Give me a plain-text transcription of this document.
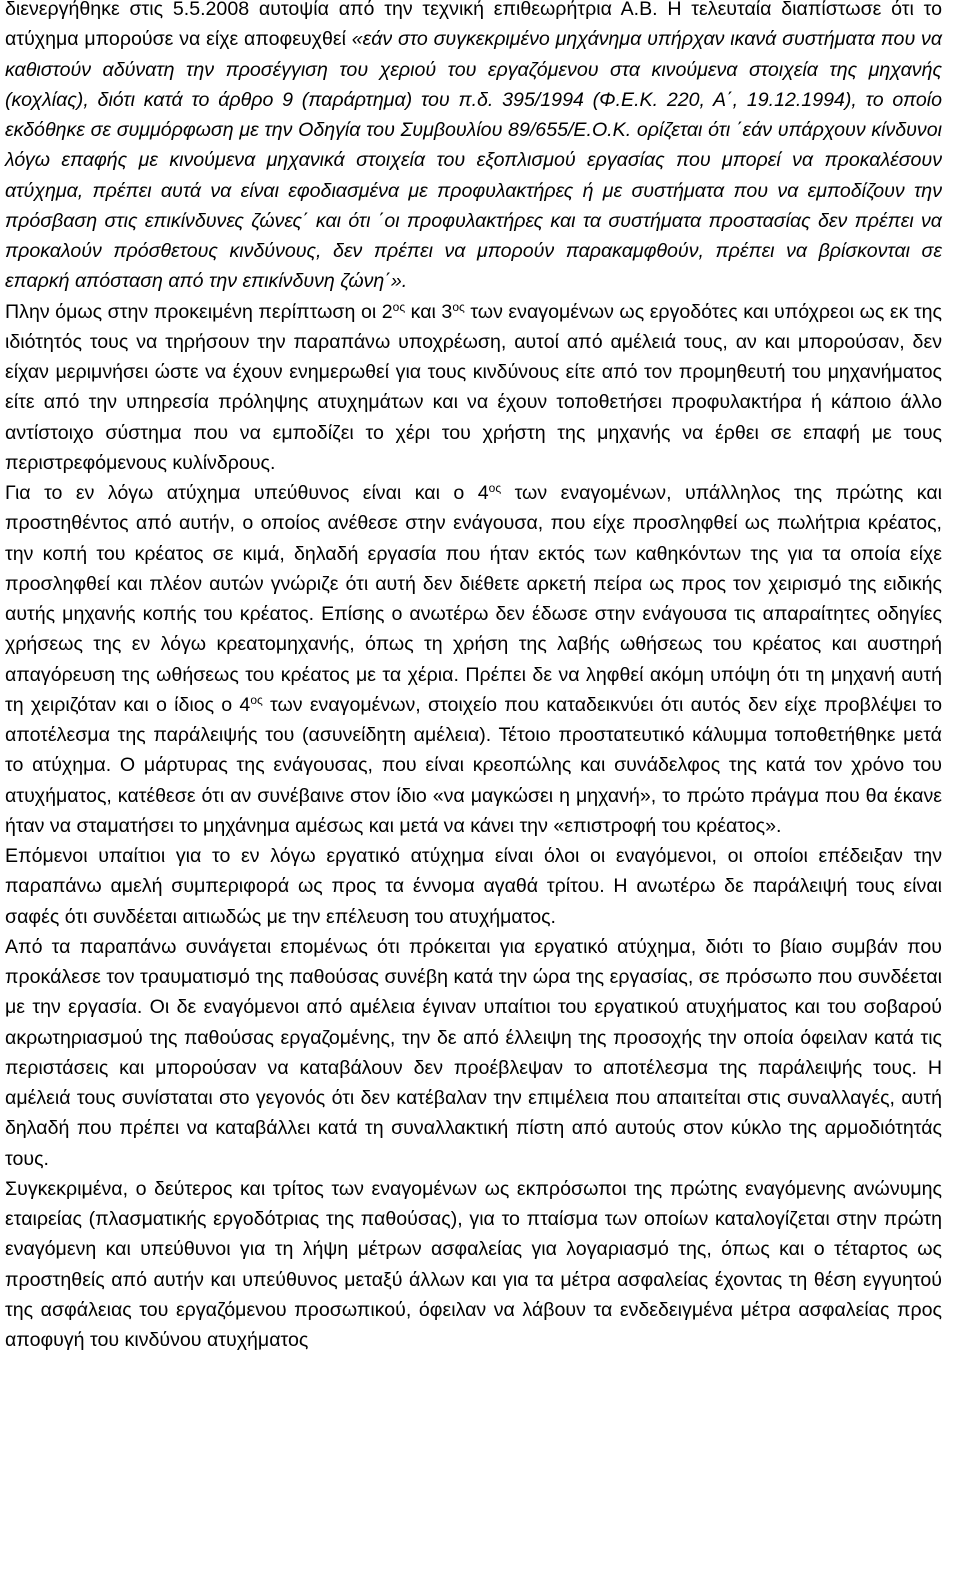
διενεργήθηκε στις 5.5.2008 αυτοψία από την τεχνική επιθεωρήτρια Α.Β. Η τελευταία διαπίστωσε ότι το ατύχημα μπορούσε να είχε αποφευχθεί «εάν στο συγκεκριμένο μηχάνημα υπήρχαν ικανά συστήματα που να καθιστούν αδύνατη την προσέγγιση του χεριού του εργαζόμενου στα κινούμενα στοιχεία της μηχανής (κοχλίας), διότι κατά το άρθρο 9 (παράρτημα) του π.δ. 395/1994 (Φ.Ε.Κ. 220, Α΄, 19.12.1994), το οποίο εκδόθηκε σε συμμόρφωση με την Οδηγία του Συμβουλίου 89/655/Ε.Ο.Κ. ορίζεται ότι ΄εάν υπάρχουν κίνδυνοι λόγω επαφής με κινούμενα μηχανικά στοιχεία του εξοπλισμού εργασίας που μπορεί να προκαλέσουν ατύχημα, πρέπει αυτά να είναι εφοδιασμένα με προφυλακτήρες ή με συστήματα που να εμποδίζουν την πρόσβαση στις επικίνδυνες ζώνες΄ και ότι ΄οι προφυλακτήρες και τα συστήματα προστασίας δεν πρέπει να προκαλούν πρόσθετους κινδύνους, δεν πρέπει να μπορούν παρακαμφθούν, πρέπει να βρίσκονται σε επαρκή απόσταση από την επικίνδυνη ζώνη΄».

Πλην όμως στην προκειμένη περίπτωση οι $2^{o\varsigma}$ και $3^{o\varsigma}$ των εναγομένων ως εργοδότες και υπόχρεοι ως εκ της ιδιότητός τους να τηρήσουν την παραπάνω υποχρέωση, αυτοί από αμέλειά τους, αν και μπορούσαν, δεν είχαν μεριμνήσει ώστε να έχουν ενημερωθεί για τους κινδύνους είτε από τον προμηθευτή του μηχανήματος είτε από την υπηρεσία πρόληψης ατυχημάτων και να έχουν τοποθετήσει προφυλακτήρα ή κάποιο άλλο αντίστοιχο σύστημα που να εμποδίζει το χέρι του χρήστη της μηχανής να έρθει σε επαφή με τους περιστρεφόμενους κυλίνδρους.

Για το εν λόγω ατύχημα υπεύθυνος είναι και ο $4^{o\varsigma}$ των εναγομένων, υπάλληλος της πρώτης και προστηθέντος από αυτήν, ο οποίος ανέθεσε στην ενάγουσα, που είχε προσληφθεί ως πωλήτρια κρέατος, την κοπή του κρέατος σε κιμά, δηλαδή εργασία που ήταν εκτός των καθηκόντων της για τα οποία είχε προσληφθεί και πλέον αυτών γνώριζε ότι αυτή δεν διέθετε αρκετή πείρα ως προς τον χειρισμό της ειδικής αυτής μηχανής κοπής του κρέατος. Επίσης ο ανωτέρω δεν έδωσε στην ενάγουσα τις απαραίτητες οδηγίες χρήσεως της εν λόγω κρεατομηχανής, όπως τη χρήση της λαβής ωθήσεως του κρέατος και αυστηρή απαγόρευση της ωθήσεως του κρέατος με τα χέρια. Πρέπει δε να ληφθεί ακόμη υπόψη ότι τη μηχανή αυτή τη χειριζόταν και ο ίδιος ο $4^{o\varsigma}$ των εναγομένων, στοιχείο που καταδεικνύει ότι αυτός δεν είχε προβλέψει το αποτέλεσμα της παράλειψής του (ασυνείδητη αμέλεια). Τέτοιο προστατευτικό κάλυμμα τοποθετήθηκε μετά το ατύχημα. Ο μάρτυρας της ενάγουσας, που είναι κρεοπώλης και συνάδελφος της κατά τον χρόνο του ατυχήματος, κατέθεσε ότι αν συνέβαινε στον ίδιο «να μαγκώσει η μηχανή», το πρώτο πράγμα που θα έκανε ήταν να σταματήσει το μηχάνημα αμέσως και μετά να κάνει την «επιστροφή του κρέατος».

Επόμενοι υπαίτιοι για το εν λόγω εργατικό ατύχημα είναι όλοι οι εναγόμενοι, οι οποίοι επέδειξαν την παραπάνω αμελή συμπεριφορά ως προς τα έννομα αγαθά τρίτου. Η ανωτέρω δε παράλειψή τους είναι σαφές ότι συνδέεται αιτιωδώς με την επέλευση του ατυχήματος.

Από τα παραπάνω συνάγεται επομένως ότι πρόκειται για εργατικό ατύχημα, διότι το βίαιο συμβάν που προκάλεσε τον τραυματισμό της παθούσας συνέβη κατά την ώρα της εργασίας, σε πρόσωπο που συνδέεται με την εργασία. Οι δε εναγόμενοι από αμέλεια έγιναν υπαίτιοι του εργατικού ατυχήματος και του σοβαρού ακρωτηριασμού της παθούσας εργαζομένης, την δε από έλλειψη της προσοχής την οποία όφειλαν κατά τις περιστάσεις και μπορούσαν να καταβάλουν δεν προέβλεψαν το αποτέλεσμα της παράλειψής τους. Η αμέλειά τους συνίσταται στο γεγονός ότι δεν κατέβαλαν την επιμέλεια που απαιτείται στις συναλλαγές, αυτή δηλαδή που πρέπει να καταβάλλει κατά τη συναλλακτική πίστη από αυτούς στον κύκλο της αρμοδιότητάς τους.

Συγκεκριμένα, ο δεύτερος και τρίτος των εναγομένων ως εκπρόσωποι της πρώτης εναγόμενης ανώνυμης εταιρείας (πλασματικής εργοδότριας της παθούσας), για το πταίσμα των οποίων καταλογίζεται στην πρώτη εναγόμενη και υπεύθυνοι για τη λήψη μέτρων ασφαλείας για λογαριασμό της, όπως και ο τέταρτος ως προστηθείς από αυτήν και υπεύθυνος μεταξύ άλλων και για τα μέτρα ασφαλείας έχοντας τη θέση εγγυητού της ασφάλειας του εργαζόμενου προσωπικού, όφειλαν να λάβουν τα ενδεδειγμένα μέτρα ασφαλείας προς αποφυγή του κινδύνου ατυχήματος
